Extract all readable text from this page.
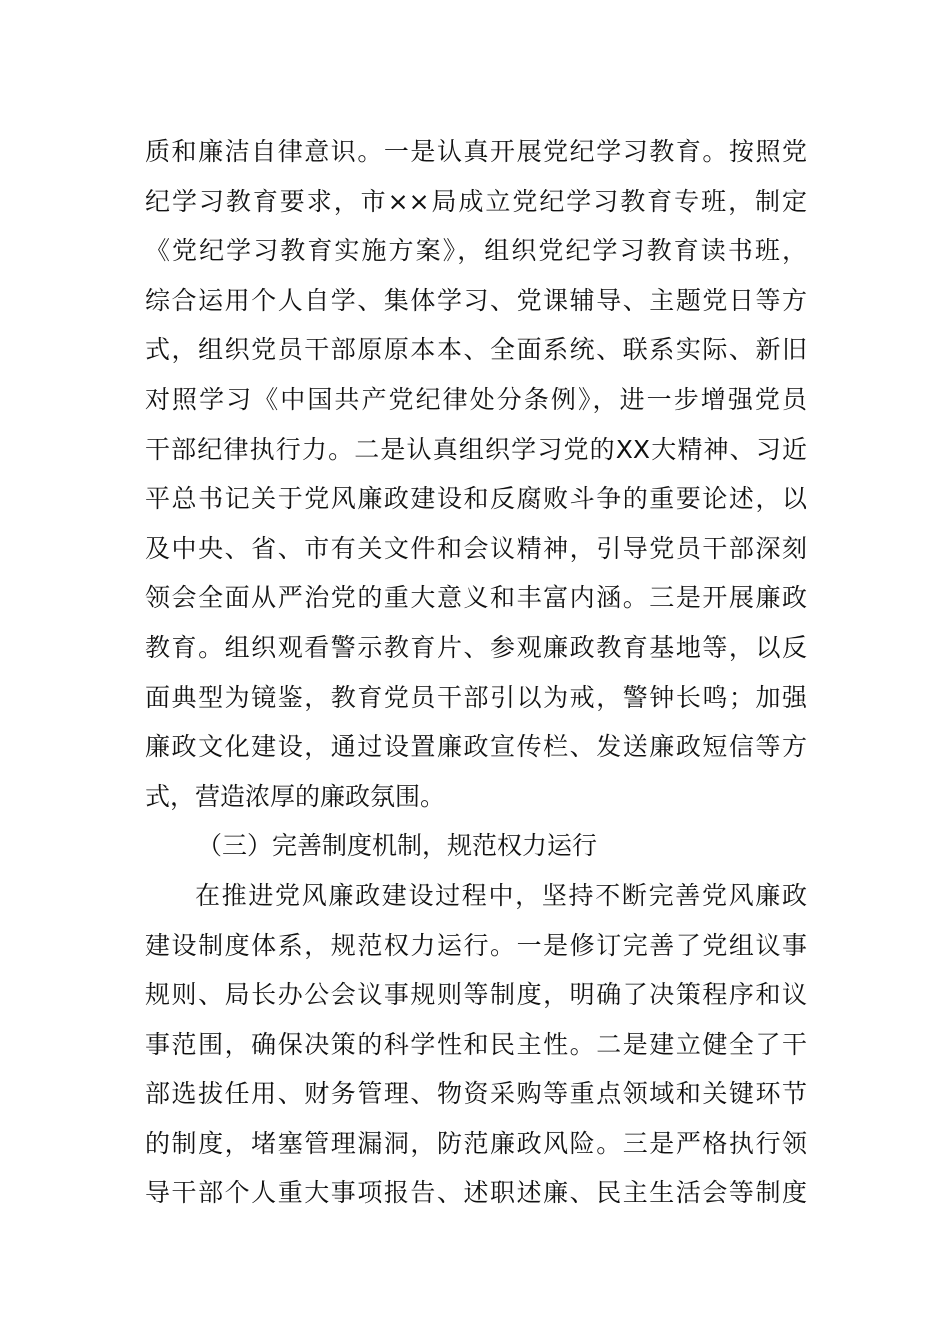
质和廉洁自律意识。一是认真开展党纪学习教育。按照党
纪学习教育要求，市××局成立党纪学习教育专班，制定
《党纪学习教育实施方案》，组织党纪学习教育读书班，
综合运用个人自学、集体学习、党课辅导、主题党日等方
式，组织党员干部原原本本、全面系统、联系实际、新旧
对照学习《中国共产党纪律处分条例》，进一步增强党员
干部纪律执行力。二是认真组织学习党的XX大精神、习近
平总书记关于党风廉政建设和反腐败斗争的重要论述，以
及中央、省、市有关文件和会议精神，引导党员干部深刻
领会全面从严治党的重大意义和丰富内涵。三是开展廉政
教育。组织观看警示教育片、参观廉政教育基地等，以反
面典型为镜鉴，教育党员干部引以为戒，警钟长鸣；加强
廉政文化建设，通过设置廉政宣传栏、发送廉政短信等方
式，营造浓厚的廉政氛围。
（三）完善制度机制，规范权力运行
在推进党风廉政建设过程中，坚持不断完善党风廉政
建设制度体系，规范权力运行。一是修订完善了党组议事
规则、局长办公会议事规则等制度，明确了决策程序和议
事范围，确保决策的科学性和民主性。二是建立健全了干
部选拔任用、财务管理、物资采购等重点领域和关键环节
的制度，堵塞管理漏洞，防范廉政风险。三是严格执行领
导干部个人重大事项报告、述职述廉、民主生活会等制度
